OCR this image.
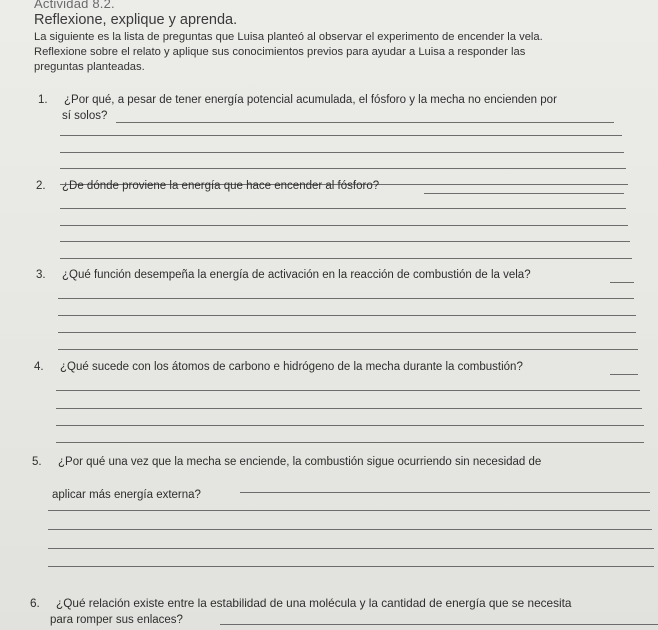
Actividad 8.2.
Reflexione, explique y aprenda.
La siguiente es la lista de preguntas que Luisa planteó al observar el experimento de encender la vela.
Reflexione sobre el relato y aplique sus conocimientos previos para ayudar a Luisa a responder las
preguntas planteadas.
1. ¿Por qué, a pesar de tener energía potencial acumulada, el fósforo y la mecha no encienden por
sí solos?
2. ¿De dónde proviene la energía que hace encender al fósforo?
3. ¿Qué función desempeña la energía de activación en la reacción de combustión de la vela?
4. ¿Qué sucede con los átomos de carbono e hidrógeno de la mecha durante la combustión?
5. ¿Por qué una vez que la mecha se enciende, la combustión sigue ocurriendo sin necesidad de
aplicar más energía externa?
6. ¿Qué relación existe entre la estabilidad de una molécula y la cantidad de energía que se necesita
para romper sus enlaces?
